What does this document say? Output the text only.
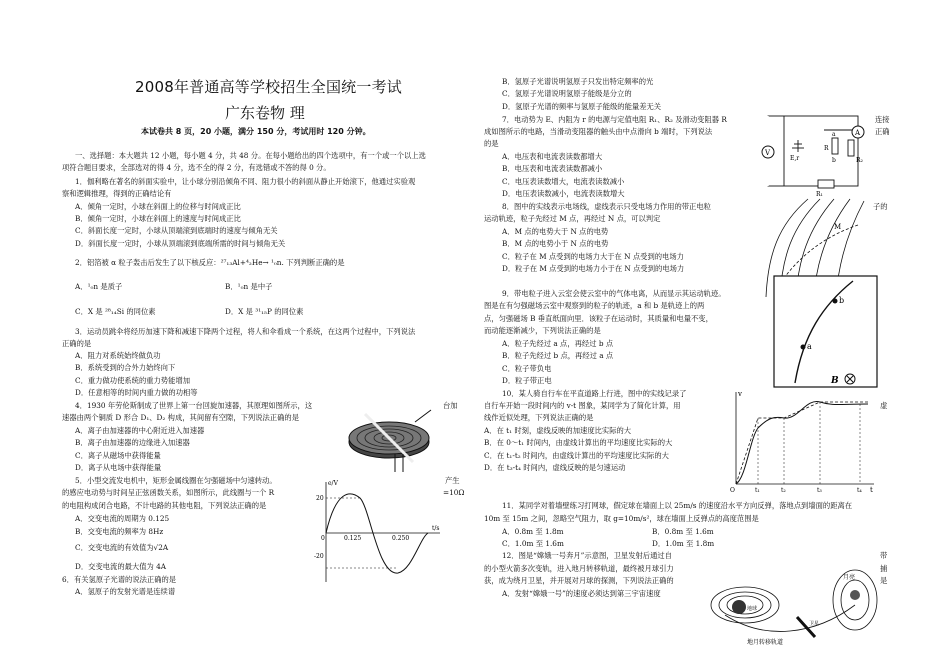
2008年普通高等学校招生全国统一考试
广东卷物 理
本试卷共 8 页，20 小题，满分 150 分，考试用时 120 分钟。
一、选择题：本大题共 12 小题，每小题 4 分，共 48 分。在每小题给出的四个选项中，有一个或一个以上选
项符合题目要求，全部选对的得 4 分，选不全的得 2 分，有选错或不答的得 0 分。
1．伽利略在著名的斜面实验中，让小球分别沿倾角不同、阻力很小的斜面从静止开始滚下，他通过实验观
察和逻辑推理，得到的正确结论有
A．倾角一定时，小球在斜面上的位移与时间成正比
B．倾角一定时，小球在斜面上的速度与时间成正比
C．斜面长度一定时，小球从顶端滚到底端时的速度与倾角无关
D．斜面长度一定时，小球从顶端滚到底端所需的时间与倾角无关
2．铝箔被 α 粒子轰击后发生了以下核反应：²⁷₁₃Al+⁴₂He→ ¹₀n. 下列判断正确的是
A．¹₀n 是质子	B．¹₀n 是中子
C．X 是 ²⁸₁₄Si 的同位素	D．X 是 ³¹₁₅P 的同位素
3．运动员跳伞将经历加速下降和减速下降两个过程，将人和伞看成一个系统，在这两个过程中，下列说法
正确的是
A．阻力对系统始终做负功
B．系统受到的合外力始终向下
C．重力做功使系统的重力势能增加
D．任意相等的时间内重力做的功相等
4．1930 年劳伦斯制成了世界上第一台回旋加速器，其原理如图所示，这	台加
速器由两个铜质 D 形合 D₁、D₂ 构成，其间留有空隙，下列说法正确的是
A．离子由加速器的中心附近进入加速器
B．离子由加速器的边缘进入加速器
C．离子从磁场中获得能量
D．离子从电场中获得能量
5．小型交流发电机中，矩形金属线圈在匀强磁场中匀速转动。	产生
的感应电动势与时间呈正弦函数关系，如图所示，此线圈与一个 R	=10Ω
的电阻构成闭合电路，不计电路的其他电阻，下列说法正确的是
A．交变电流的周期为 0.125
B．交变电流的频率为 8Hz
C．交变电流的有效值为√2A
D．交变电流的最大值为 4A
6．有关氢原子光谱的说法正确的是
A．氢原子的发射光谱是连续谱
e/V
t/s
20
-20
0	0.125	0.250
B．氢原子光谱说明氢原子只发出特定频率的光
C．氢原子光谱说明氢原子能级是分立的
D．氢原子光谱的频率与氢原子能级的能量差无关
7．电动势为 E、内阻为 r 的电源与定值电阻 R₁、R₂ 及滑动变阻器 R	连接
成如图所示的电路，当滑动变阻器的触头由中点滑向 b 端时，下列说法	正确
的是
A．电压表和电流表读数都增大
B．电压表和电流表读数都减小
C．电压表读数增大，电流表读数减小
D．电压表读数减小，电流表读数增大
8．图中的实线表示电场线，虚线表示只受电场力作用的带正电粒	子的
运动轨迹，粒子先经过 M 点，再经过 N 点，可以判定
A．M 点的电势大于 N 点的电势
B．M 点的电势小于 N 点的电势
C．粒子在 M 点受到的电场力大于在 N 点受到的电场力
D．粒子在 M 点受到的电场力小于在 N 点受到的电场力
9．带电粒子进入云室会使云室中的气体电离，从而显示其运动轨迹。
图是在有匀强磁场云室中观察到的粒子的轨迹，a 和 b 是轨迹上的两
点，匀强磁场 B 垂直纸面向里．该粒子在运动时，其质量和电量不变，
而动能逐渐减少，下列说法正确的是
A．粒子先经过 a 点，再经过 b 点
B．粒子先经过 b 点，再经过 a 点
C．粒子带负电
D．粒子带正电
10．某人骑自行车在平直道路上行进，图中的实线记录了
自行车开始一段时间内的 v-t 图象，某同学为了简化计算，用	虚
线作近似处理，下列说法正确的是
A．在 t₁ 时刻，虚线反映的加速度比实际的大
B．在 0～t₁ 时间内，由虚线计算出的平均速度比实际的大
C．在 t₁-t₂ 时间内，由虚线计算出的平均速度比实际的大
D．在 t₃-t₄ 时间内，虚线反映的是匀速运动
11．某同学对着墙壁练习打网球，假定球在墙面上以 25m/s 的速度沿水平方向反弹，落地点到墙面的距离在
10m 至 15m 之间，忽略空气阻力，取 g=10m/s²，球在墙面上反弹点的高度范围是
A．0.8m 至 1.8m	B．0.8m 至 1.6m
C．1.0m 至 1.6m	D．1.0m 至 1.8m
12．图是“嫦娥一号奔月”示意图，卫星发射后通过自	带
的小型火箭多次变轨，进入地月转移轨道，最终被月球引力	捕
获，成为绕月卫星，并开展对月球的探测，下列说法正确的	是
A．发射“嫦娥一号”的速度必须达到第三宇宙速度
V
A
E,r
R₁
R₂
R
a
b
M
a
b
B
v
t
O	t₁	t₂	t₃	t₄
月亮
地球
卫星
地月转移轨道
